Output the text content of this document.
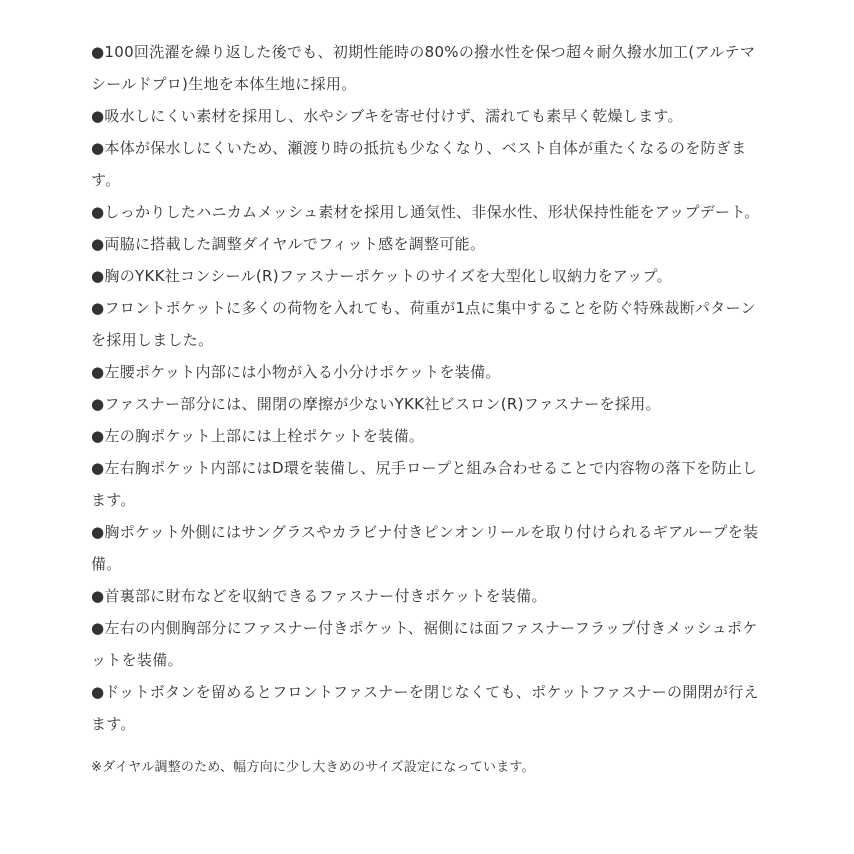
●100回洗濯を繰り返した後でも、初期性能時の80%の撥水性を保つ超々耐久撥水加工(アルテマシールドプロ)生地を本体生地に採用。
●吸水しにくい素材を採用し、水やシブキを寄せ付けず、濡れても素早く乾燥します。
●本体が保水しにくいため、瀬渡り時の抵抗も少なくなり、ベスト自体が重たくなるのを防ぎます。
●しっかりしたハニカムメッシュ素材を採用し通気性、非保水性、形状保持性能をアップデート。
●両脇に搭載した調整ダイヤルでフィット感を調整可能。
●胸のYKK社コンシール(R)ファスナーポケットのサイズを大型化し収納力をアップ。
●フロントポケットに多くの荷物を入れても、荷重が1点に集中することを防ぐ特殊裁断パターンを採用しました。
●左腰ポケット内部には小物が入る小分けポケットを装備。
●ファスナー部分には、開閉の摩擦が少ないYKK社ビスロン(R)ファスナーを採用。
●左の胸ポケット上部には上栓ポケットを装備。
●左右胸ポケット内部にはD環を装備し、尻手ロープと組み合わせることで内容物の落下を防止します。
●胸ポケット外側にはサングラスやカラビナ付きピンオンリールを取り付けられるギアループを装備。
●首裏部に財布などを収納できるファスナー付きポケットを装備。
●左右の内側胸部分にファスナー付きポケット、裾側には面ファスナーフラップ付きメッシュポケットを装備。
●ドットボタンを留めるとフロントファスナーを閉じなくても、ポケットファスナーの開閉が行えます。

※ダイヤル調整のため、幅方向に少し大きめのサイズ設定になっています。
